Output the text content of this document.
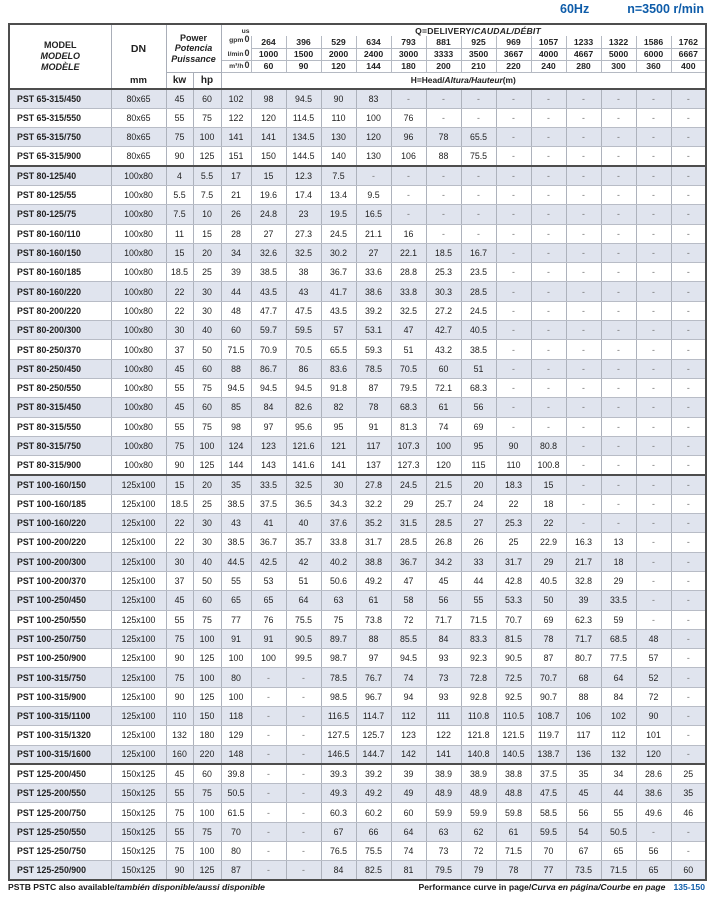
60Hz	n=3500 r/min
MODEL
MODELO
MODÈLE
	DN	
Power
Potencia
Puissance
	us
gpm0	Q=DELIVERY/CAUDAL/DÉBIT
					264	396	529	634	793	881	925	969	1057	1233	1322	1586	1762
				l/min0	1000	1500	2000	2400	3000	3333	3500	3667	4000	4667	5000	6000	6667
				m³/h0	60	90	120	144	180	200	210	220	240	280	300	360	400
	mm	kw	hp	H=Head/Altura/Hauteur(m)													
PST 65-315/450	80x65	45	60	102	98	94.5	90	83	-	-	-	-	-	-	-	-	-
PST 65-315/550	80x65	55	75	122	120	114.5	110	100	76	-	-	-	-	-	-	-	-
PST 65-315/750	80x65	75	100	141	141	134.5	130	120	96	78	65.5	-	-	-	-	-	-
PST 65-315/900	80x65	90	125	151	150	144.5	140	130	106	88	75.5	-	-	-	-	-	-
PST 80-125/40	100x80	4	5.5	17	15	12.3	7.5	-	-	-	-	-	-	-	-	-	-
PST 80-125/55	100x80	5.5	7.5	21	19.6	17.4	13.4	9.5	-	-	-	-	-	-	-	-	-
PST 80-125/75	100x80	7.5	10	26	24.8	23	19.5	16.5	-	-	-	-	-	-	-	-	-
PST 80-160/110	100x80	11	15	28	27	27.3	24.5	21.1	16	-	-	-	-	-	-	-	-
PST 80-160/150	100x80	15	20	34	32.6	32.5	30.2	27	22.1	18.5	16.7	-	-	-	-	-	-
PST 80-160/185	100x80	18.5	25	39	38.5	38	36.7	33.6	28.8	25.3	23.5	-	-	-	-	-	-
PST 80-160/220	100x80	22	30	44	43.5	43	41.7	38.6	33.8	30.3	28.5	-	-	-	-	-	-
PST 80-200/220	100x80	22	30	48	47.7	47.5	43.5	39.2	32.5	27.2	24.5	-	-	-	-	-	-
PST 80-200/300	100x80	30	40	60	59.7	59.5	57	53.1	47	42.7	40.5	-	-	-	-	-	-
PST 80-250/370	100x80	37	50	71.5	70.9	70.5	65.5	59.3	51	43.2	38.5	-	-	-	-	-	-
PST 80-250/450	100x80	45	60	88	86.7	86	83.6	78.5	70.5	60	51	-	-	-	-	-	-
PST 80-250/550	100x80	55	75	94.5	94.5	94.5	91.8	87	79.5	72.1	68.3	-	-	-	-	-	-
PST 80-315/450	100x80	45	60	85	84	82.6	82	78	68.3	61	56	-	-	-	-	-	-
PST 80-315/550	100x80	55	75	98	97	95.6	95	91	81.3	74	69	-	-	-	-	-	-
PST 80-315/750	100x80	75	100	124	123	121.6	121	117	107.3	100	95	90	80.8	-	-	-	-
PST 80-315/900	100x80	90	125	144	143	141.6	141	137	127.3	120	115	110	100.8	-	-	-	-
PST 100-160/150	125x100	15	20	35	33.5	32.5	30	27.8	24.5	21.5	20	18.3	15	-	-	-	-
PST 100-160/185	125x100	18.5	25	38.5	37.5	36.5	34.3	32.2	29	25.7	24	22	18	-	-	-	-
PST 100-160/220	125x100	22	30	43	41	40	37.6	35.2	31.5	28.5	27	25.3	22	-	-	-	-
PST 100-200/220	125x100	22	30	38.5	36.7	35.7	33.8	31.7	28.5	26.8	26	25	22.9	16.3	13	-	-
PST 100-200/300	125x100	30	40	44.5	42.5	42	40.2	38.8	36.7	34.2	33	31.7	29	21.7	18	-	-
PST 100-200/370	125x100	37	50	55	53	51	50.6	49.2	47	45	44	42.8	40.5	32.8	29	-	-
PST 100-250/450	125x100	45	60	65	65	64	63	61	58	56	55	53.3	50	39	33.5	-	-
PST 100-250/550	125x100	55	75	77	76	75.5	75	73.8	72	71.7	71.5	70.7	69	62.3	59	-	-
PST 100-250/750	125x100	75	100	91	91	90.5	89.7	88	85.5	84	83.3	81.5	78	71.7	68.5	48	-
PST 100-250/900	125x100	90	125	100	100	99.5	98.7	97	94.5	93	92.3	90.5	87	80.7	77.5	57	-
PST 100-315/750	125x100	75	100	80	-	-	78.5	76.7	74	73	72.8	72.5	70.7	68	64	52	-
PST 100-315/900	125x100	90	125	100	-	-	98.5	96.7	94	93	92.8	92.5	90.7	88	84	72	-
PST 100-315/1100	125x100	110	150	118	-	-	116.5	114.7	112	111	110.8	110.5	108.7	106	102	90	-
PST 100-315/1320	125x100	132	180	129	-	-	127.5	125.7	123	122	121.8	121.5	119.7	117	112	101	-
PST 100-315/1600	125x100	160	220	148	-	-	146.5	144.7	142	141	140.8	140.5	138.7	136	132	120	-
PST 125-200/450	150x125	45	60	39.8	-	-	39.3	39.2	39	38.9	38.9	38.8	37.5	35	34	28.6	25
PST 125-200/550	150x125	55	75	50.5	-	-	49.3	49.2	49	48.9	48.9	48.8	47.5	45	44	38.6	35
PST 125-200/750	150x125	75	100	61.5	-	-	60.3	60.2	60	59.9	59.9	59.8	58.5	56	55	49.6	46
PST 125-250/550	150x125	55	75	70	-	-	67	66	64	63	62	61	59.5	54	50.5	-	-
PST 125-250/750	150x125	75	100	80	-	-	76.5	75.5	74	73	72	71.5	70	67	65	56	-
PST 125-250/900	150x125	90	125	87	-	-	84	82.5	81	79.5	79	78	77	73.5	71.5	65	60
PSTB PSTC also available/también disponible/aussi disponible	Performance curve in page/Curva en página/Courbe en page 135-150
